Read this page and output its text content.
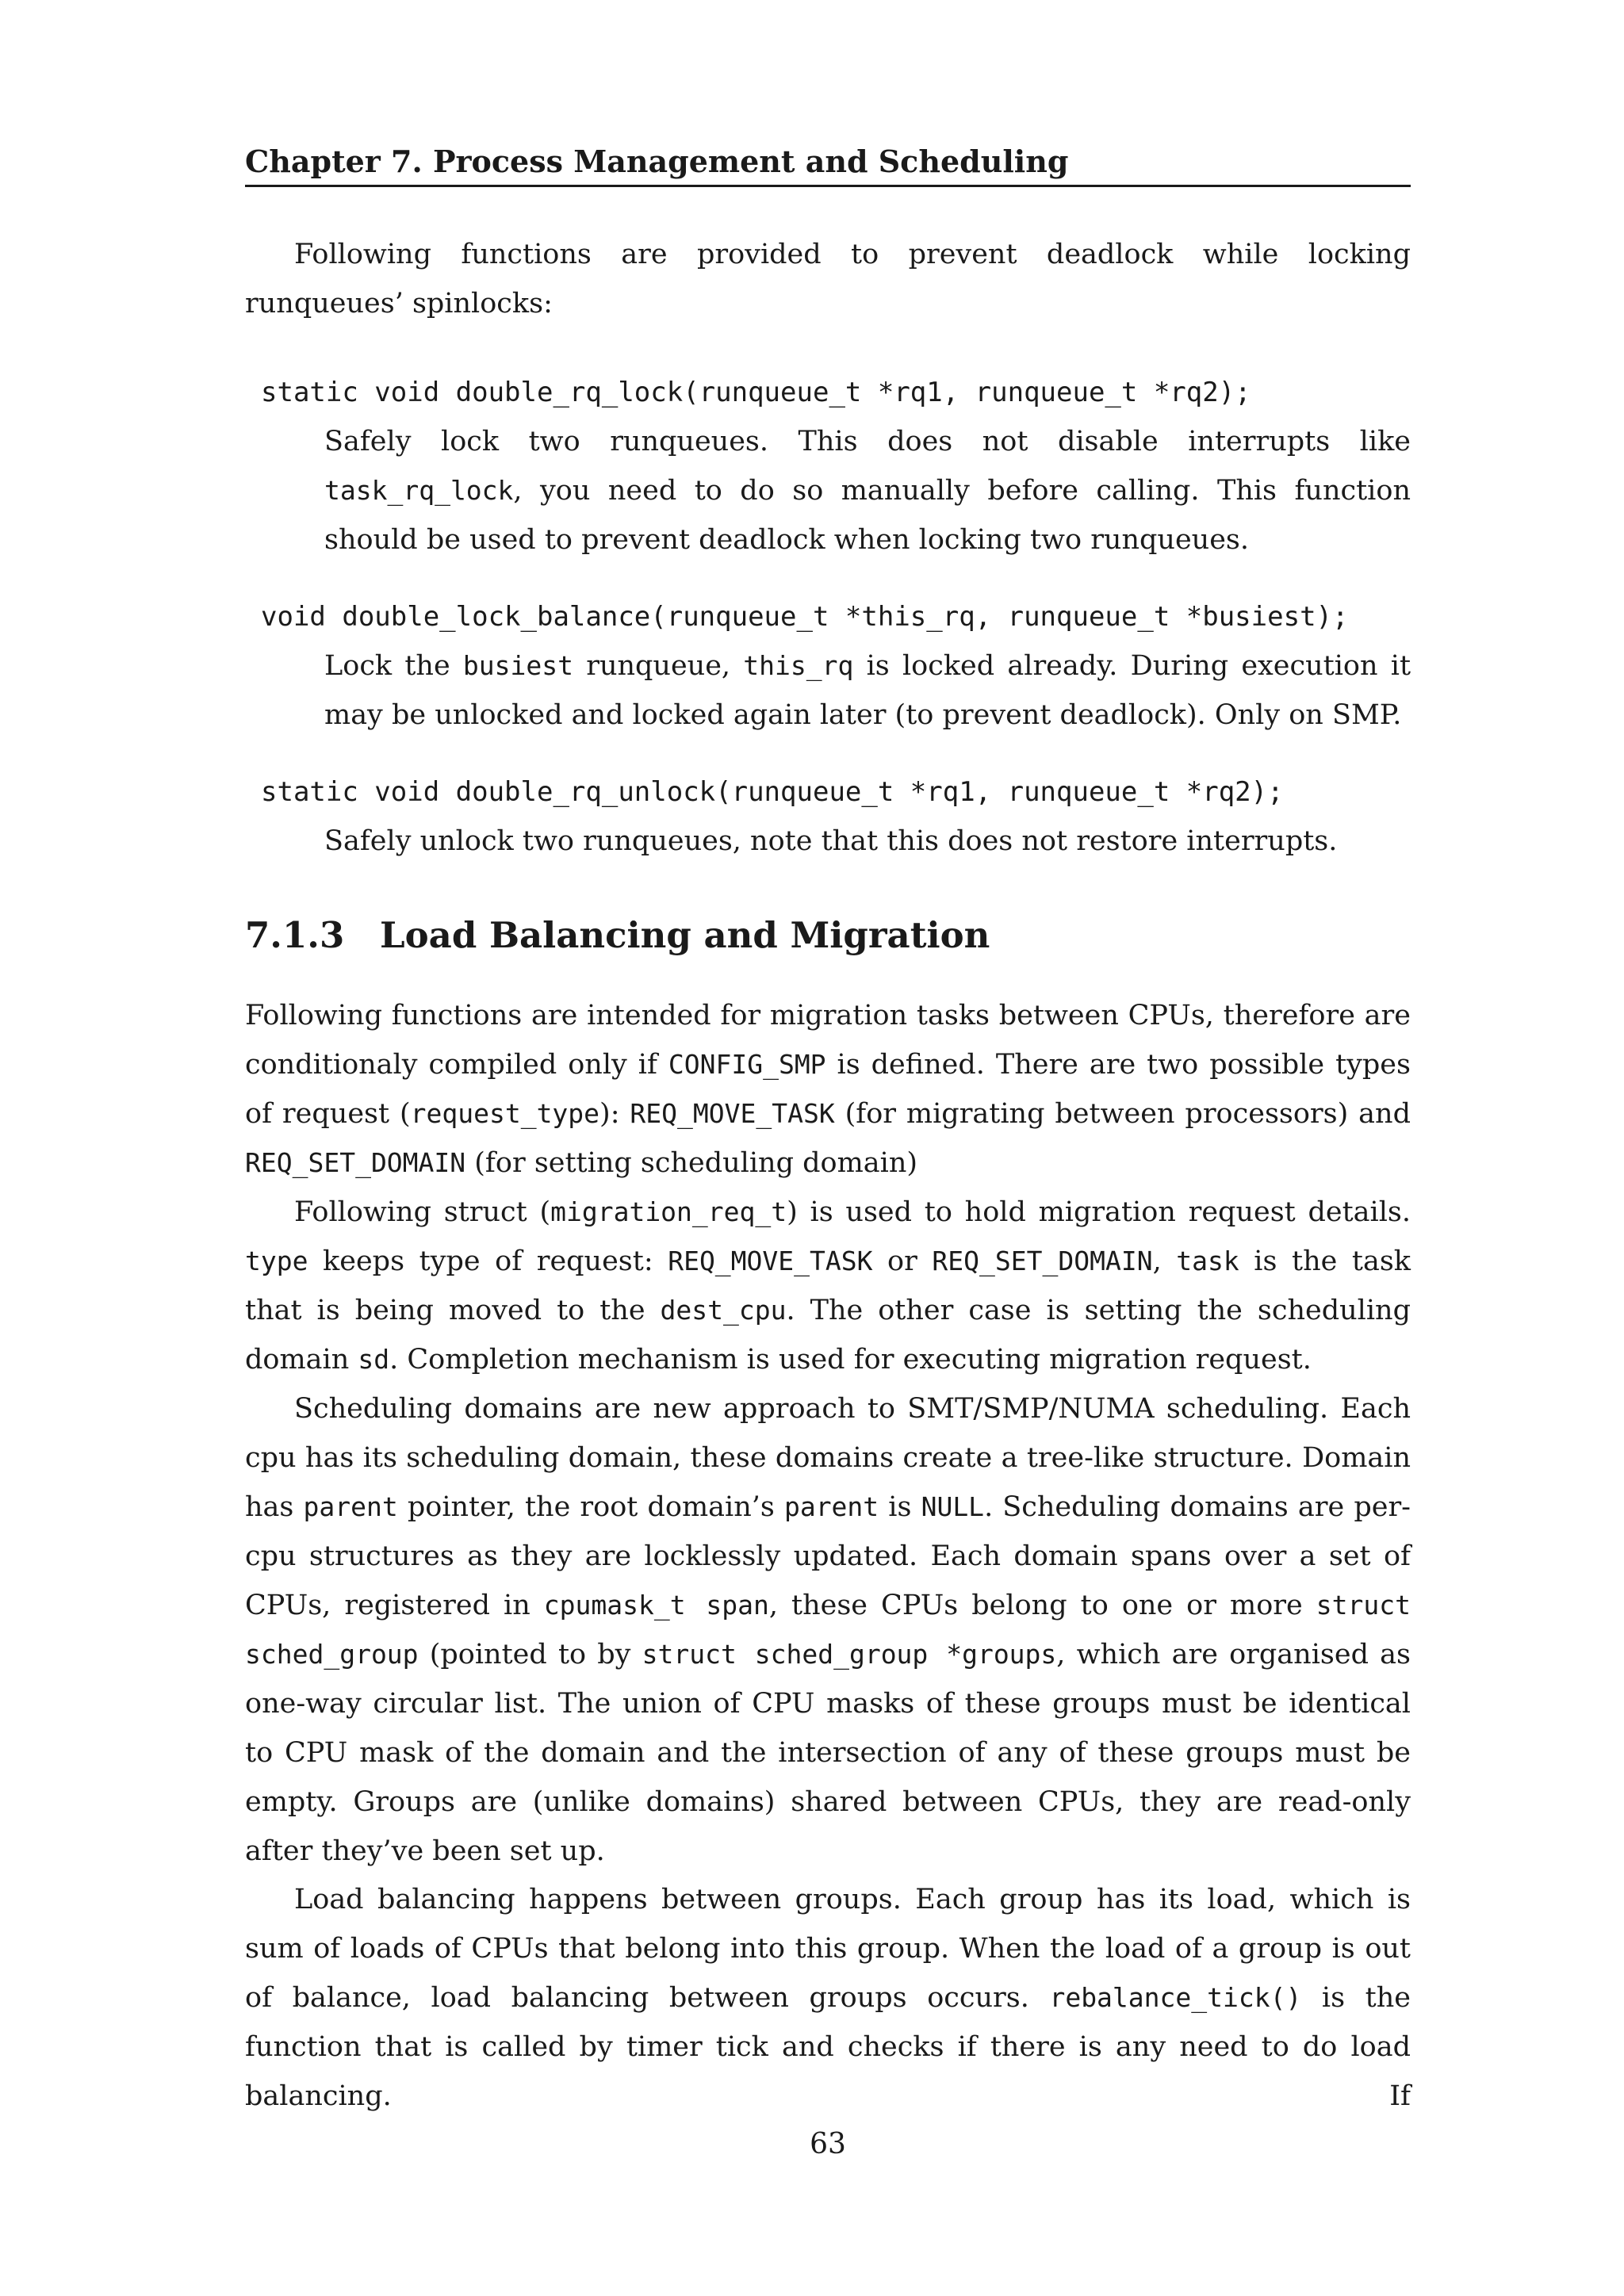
Chapter 7. Process Management and Scheduling

Following functions are provided to prevent deadlock while locking runqueues’ spinlocks:

static void double_rq_lock(runqueue_t *rq1, runqueue_t *rq2);

Safely lock two runqueues. This does not disable interrupts like task_rq_lock, you need to do so manually before calling. This function should be used to prevent deadlock when locking two runqueues.

void double_lock_balance(runqueue_t *this_rq, runqueue_t *busiest);

Lock the busiest runqueue, this_rq is locked already. During execution it may be unlocked and locked again later (to prevent deadlock). Only on SMP.

static void double_rq_unlock(runqueue_t *rq1, runqueue_t *rq2);

Safely unlock two runqueues, note that this does not restore interrupts.

7.1.3 Load Balancing and Migration

Following functions are intended for migration tasks between CPUs, therefore are conditionaly compiled only if CONFIG_SMP is defined. There are two possible types of request (request_type): REQ_MOVE_TASK (for migrating between processors) and REQ_SET_DOMAIN (for setting scheduling domain)

Following struct (migration_req_t) is used to hold migration request details. type keeps type of request: REQ_MOVE_TASK or REQ_SET_DOMAIN, task is the task that is being moved to the dest_cpu. The other case is setting the scheduling domain sd. Completion mechanism is used for executing migration request.

Scheduling domains are new approach to SMT/SMP/NUMA scheduling. Each cpu has its scheduling domain, these domains create a tree-like structure. Domain has parent pointer, the root domain’s parent is NULL. Scheduling domains are per-cpu structures as they are locklessly updated. Each domain spans over a set of CPUs, registered in cpumask_t span, these CPUs belong to one or more struct sched_group (pointed to by struct sched_group *groups, which are organised as one-way circular list. The union of CPU masks of these groups must be identical to CPU mask of the domain and the intersection of any of these groups must be empty. Groups are (unlike domains) shared between CPUs, they are read-only after they’ve been set up.

Load balancing happens between groups. Each group has its load, which is sum of loads of CPUs that belong into this group. When the load of a group is out of balance, load balancing between groups occurs. rebalance_tick() is the function that is called by timer tick and checks if there is any need to do load balancing. If

63
